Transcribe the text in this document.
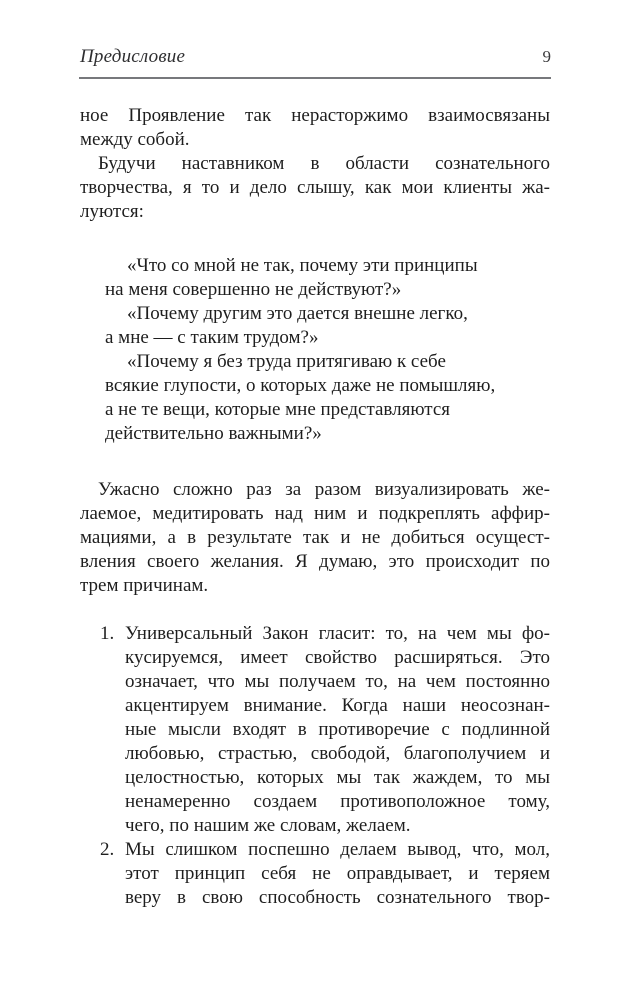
Предисловие	9
ное Проявление так нерасторжимо взаимосвязаны
между собой.
Будучи наставником в области сознательного
творчества, я то и дело слышу, как мои клиенты жа-
луются:
«Что со мной не так, почему эти принципы
на меня совершенно не действуют?»
«Почему другим это дается внешне легко,
а мне — с таким трудом?»
«Почему я без труда притягиваю к себе
всякие глупости, о которых даже не помышляю,
а не те вещи, которые мне представляются
действительно важными?»
Ужасно сложно раз за разом визуализировать же-
лаемое, медитировать над ним и подкреплять аффир-
мациями, а в результате так и не добиться осущест-
вления своего желания. Я думаю, это происходит по
трем причинам.
1. Универсальный Закон гласит: то, на чем мы фо-
кусируемся, имеет свойство расширяться. Это
означает, что мы получаем то, на чем постоянно
акцентируем внимание. Когда наши неосознан-
ные мысли входят в противоречие с подлинной
любовью, страстью, свободой, благополучием и
целостностью, которых мы так жаждем, то мы
ненамеренно создаем противоположное тому,
чего, по нашим же словам, желаем.
2. Мы слишком поспешно делаем вывод, что, мол,
этот принцип себя не оправдывает, и теряем
веру в свою способность сознательного твор-
